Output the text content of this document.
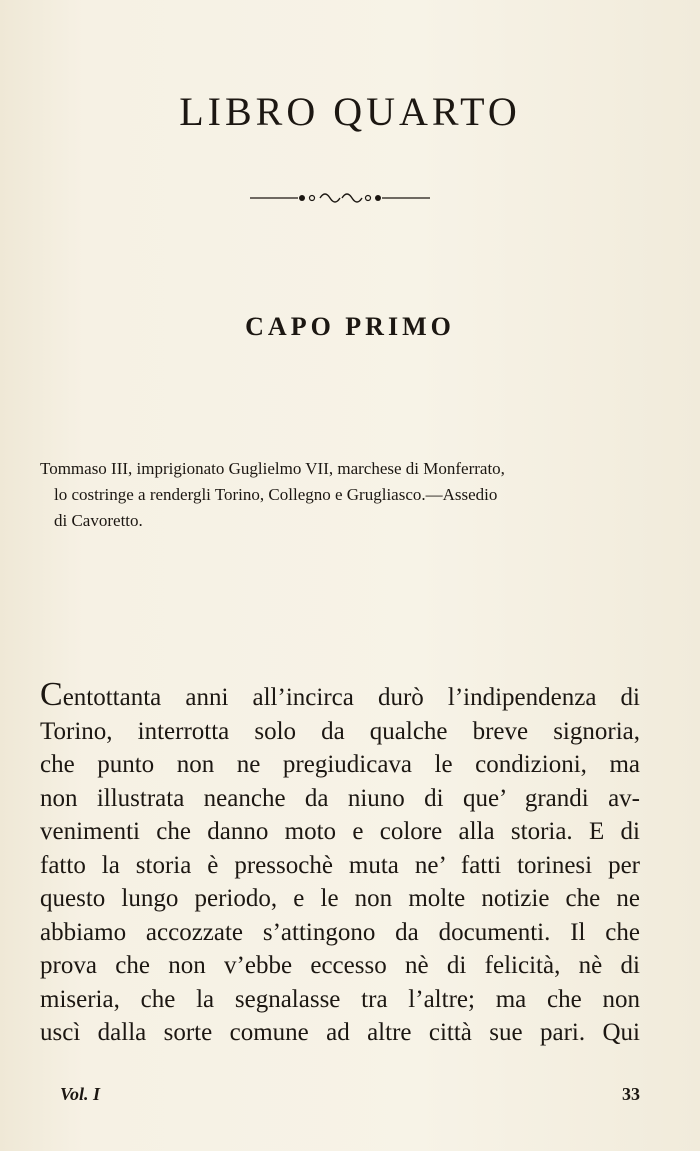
LIBRO QUARTO
CAPO PRIMO
Tommaso III, imprigionato Guglielmo VII, marchese di Monferrato,
lo costringe a rendergli Torino, Collegno e Grugliasco.—Assedio
di Cavoretto.
Centottanta anni all’incirca durò l’indipendenza di
Torino, interrotta solo da qualche breve signoria,
che punto non ne pregiudicava le condizioni, ma
non illustrata neanche da niuno di que’ grandi av-
venimenti che danno moto e colore alla storia. E di
fatto la storia è pressochè muta ne’ fatti torinesi per
questo lungo periodo, e le non molte notizie che ne
abbiamo accozzate s’attingono da documenti. Il che
prova che non v’ebbe eccesso nè di felicità, nè di
miseria, che la segnalasse tra l’altre; ma che non
uscì dalla sorte comune ad altre città sue pari. Qui
Vol. I	33
